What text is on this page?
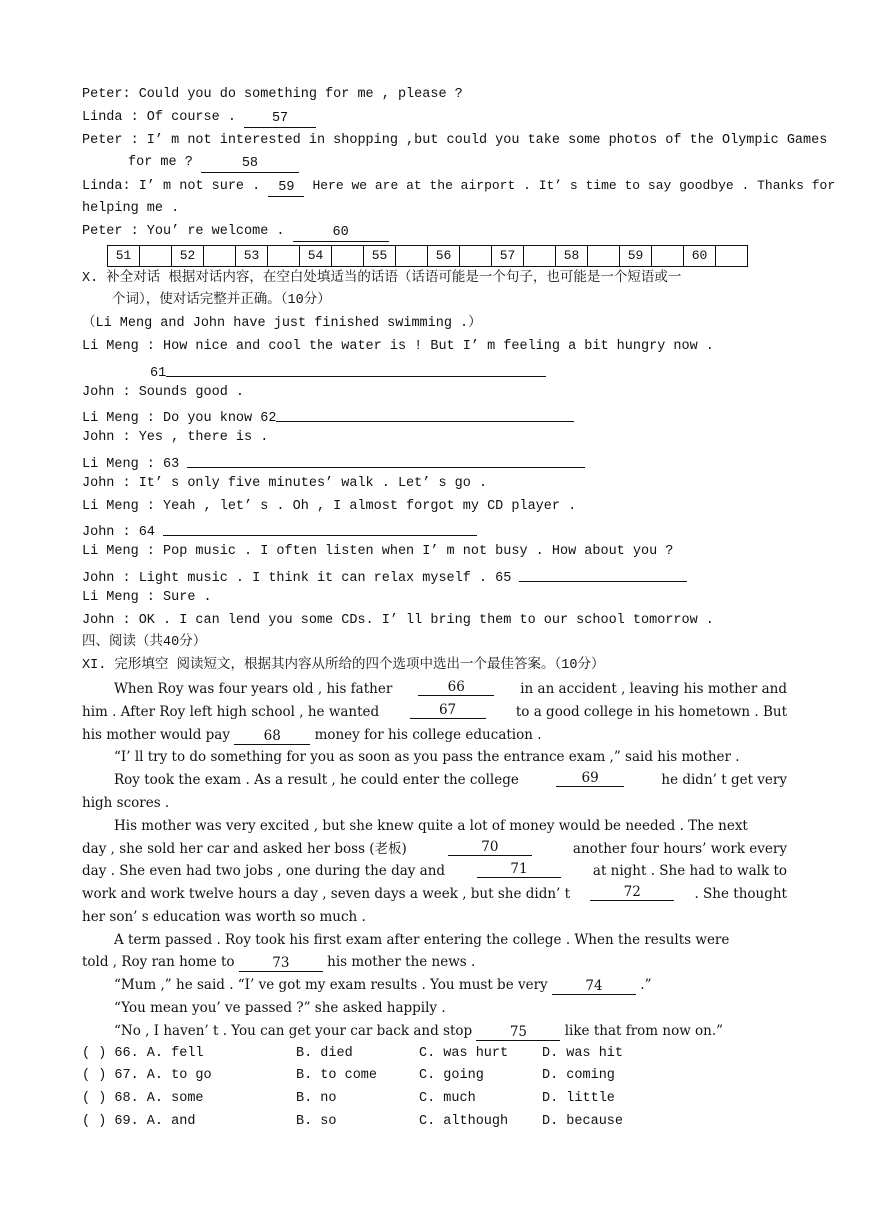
Peter: Could you do something for me , please ?
Linda : Of course .	57
Peter : I’ m not interested in shopping ,but could you take some photos of the Olympic Games
for me ?	58
Linda: I’ m not sure . 59 Here we are at the airport . It’ s time to say goodbye . Thanks for
helping me .
Peter : You’ re welcome .	60
51		52		53		54		55		56		57		58		59		60	
X. 补全对话 根据对话内容，在空白处填适当的话语（话语可能是一个句子，也可能是一个短语或一
个词），使对话完整并正确。（10分）
（Li Meng and John have just finished swimming .）
Li Meng : How nice and cool the water is ! But I’ m feeling a bit hungry now .
61
John : Sounds good .
Li Meng : Do you know 62
John : Yes , there is .
Li Meng : 63
John : It’ s only five minutes’ walk . Let’ s go .
Li Meng : Yeah , let’ s . Oh , I almost forgot my CD player .
John : 64
Li Meng : Pop music . I often listen when I’ m not busy . How about you ?
John : Light music . I think it can relax myself . 65
Li Meng : Sure .
John : OK . I can lend you some CDs. I’ ll bring them to our school tomorrow .
四、阅读（共40分）
XI. 完形填空 阅读短文，根据其内容从所给的四个选项中选出一个最佳答案。（10分）
When Roy was four years old , his father	66	in an accident , leaving his mother and
him . After Roy left high school , he wanted	67	to a good college in his hometown . But
his mother would pay 68 money for his college education .
“I’ ll try to do something for you as soon as you pass the entrance exam ,” said his mother .
Roy took the exam . As a result , he could enter the college	69	he didn’ t get very
high scores .
His mother was very excited , but she knew quite a lot of money would be needed . The next
day , she sold her car and asked her boss (老板)	70	another four hours’ work every
day . She even had two jobs , one during the day and	71	at night . She had to walk to
work and work twelve hours a day , seven days a week , but she didn’ t	72	. She thought
her son’ s education was worth so much .
A term passed . Roy took his first exam after entering the college . When the results were
told , Roy ran home to	73	his mother the news .
“Mum ,” he said . “I’ ve got my exam results . You must be very	74	.”
“You mean you’ ve passed ?” she asked happily .
“No , I haven’ t . You can get your car back and stop	75	like that from now on.”
( ) 66. A. fell	B. died	C. was hurt	D. was hit
( ) 67. A. to go	B. to come	C. going	D. coming
( ) 68. A. some	B. no	C. much	D. little
( ) 69. A. and	B. so	C. although	D. because
